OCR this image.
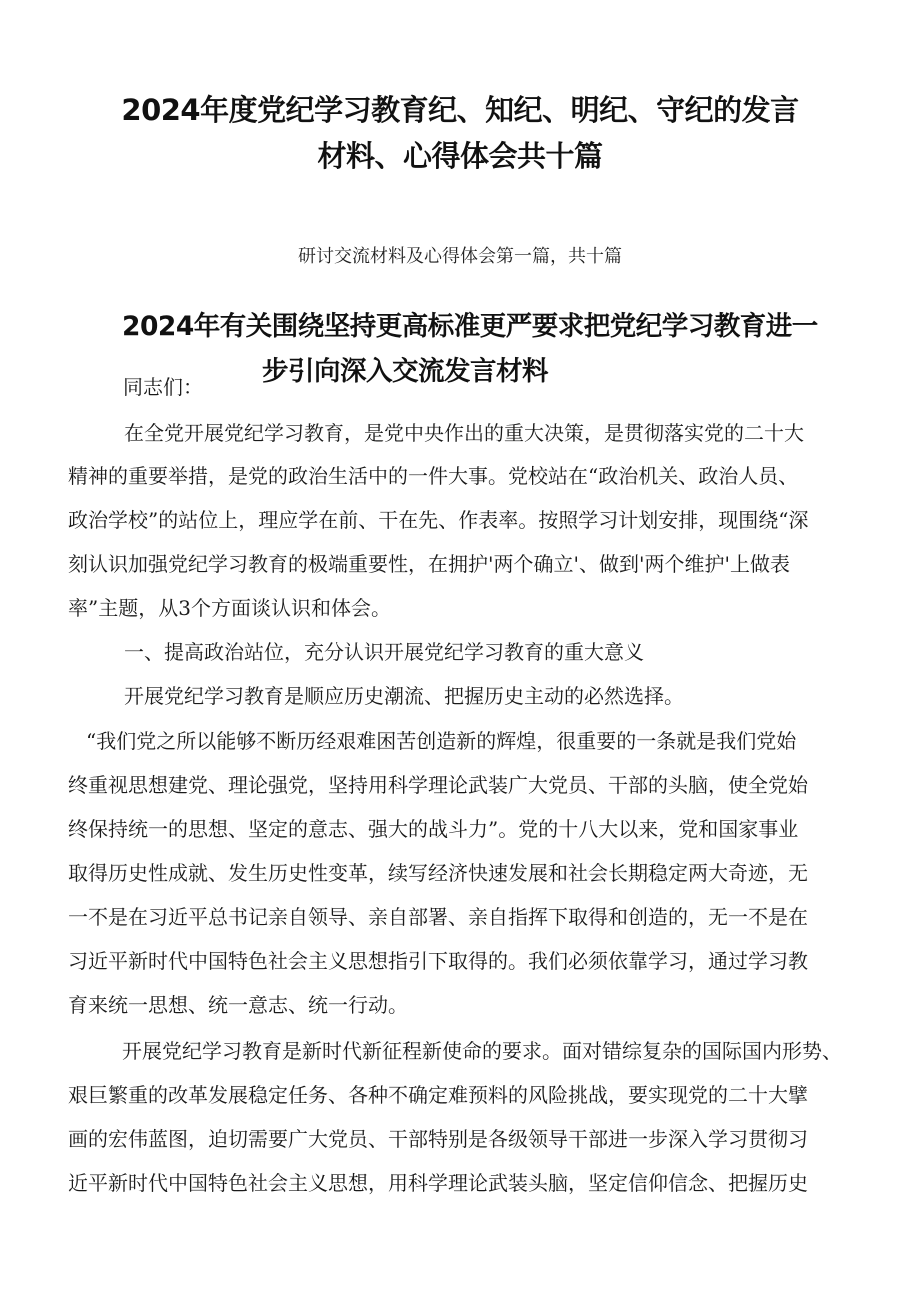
2024年度党纪学习教育纪、知纪、明纪、守纪的发言
材料、心得体会共十篇
研讨交流材料及心得体会第一篇，共十篇
2024年有关围绕坚持更高标准更严要求把党纪学习教育进一
步引向深入交流发言材料
同志们：
在全党开展党纪学习教育，是党中央作出的重大决策，是贯彻落实党的二十大
精神的重要举措，是党的政治生活中的一件大事。党校站在“政治机关、政治人员、
政治学校”的站位上，理应学在前、干在先、作表率。按照学习计划安排，现围绕“深
刻认识加强党纪学习教育的极端重要性，在拥护'两个确立'、做到'两个维护'上做表
率”主题，从3个方面谈认识和体会。
一、提高政治站位，充分认识开展党纪学习教育的重大意义
开展党纪学习教育是顺应历史潮流、把握历史主动的必然选择。
“我们党之所以能够不断历经艰难困苦创造新的辉煌，很重要的一条就是我们党始
终重视思想建党、理论强党，坚持用科学理论武装广大党员、干部的头脑，使全党始
终保持统一的思想、坚定的意志、强大的战斗力”。党的十八大以来，党和国家事业
取得历史性成就、发生历史性变革，续写经济快速发展和社会长期稳定两大奇迹，无
一不是在习近平总书记亲自领导、亲自部署、亲自指挥下取得和创造的，无一不是在
习近平新时代中国特色社会主义思想指引下取得的。我们必须依靠学习，通过学习教
育来统一思想、统一意志、统一行动。
开展党纪学习教育是新时代新征程新使命的要求。面对错综复杂的国际国内形势、
艰巨繁重的改革发展稳定任务、各种不确定难预料的风险挑战，要实现党的二十大擘
画的宏伟蓝图，迫切需要广大党员、干部特别是各级领导干部进一步深入学习贯彻习
近平新时代中国特色社会主义思想，用科学理论武装头脑，坚定信仰信念、把握历史
